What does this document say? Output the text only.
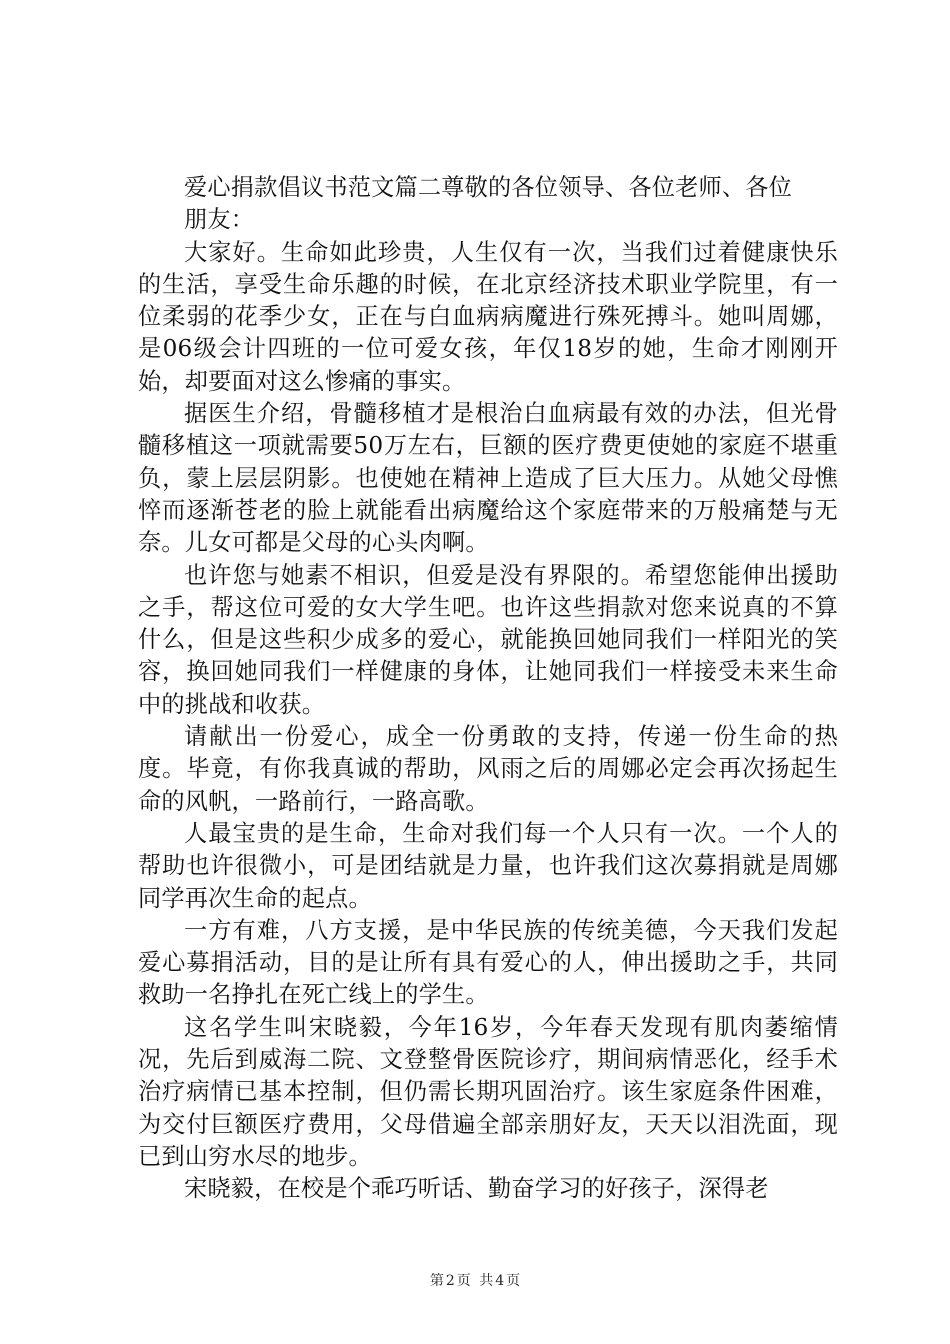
爱心捐款倡议书范文篇二尊敬的各位领导、各位老师、各位

朋友：

大家好。生命如此珍贵，人生仅有一次，当我们过着健康快乐的生活，享受生命乐趣的时候，在北京经济技术职业学院里，有一位柔弱的花季少女，正在与白血病病魔进行殊死搏斗。她叫周娜，是06级会计四班的一位可爱女孩，年仅18岁的她，生命才刚刚开始，却要面对这么惨痛的事实。

据医生介绍，骨髓移植才是根治白血病最有效的办法，但光骨髓移植这一项就需要50万左右，巨额的医疗费更使她的家庭不堪重负，蒙上层层阴影。也使她在精神上造成了巨大压力。从她父母憔悴而逐渐苍老的脸上就能看出病魔给这个家庭带来的万般痛楚与无奈。儿女可都是父母的心头肉啊。

也许您与她素不相识，但爱是没有界限的。希望您能伸出援助之手，帮这位可爱的女大学生吧。也许这些捐款对您来说真的不算什么，但是这些积少成多的爱心，就能换回她同我们一样阳光的笑容，换回她同我们一样健康的身体，让她同我们一样接受未来生命中的挑战和收获。

请献出一份爱心，成全一份勇敢的支持，传递一份生命的热度。毕竟，有你我真诚的帮助，风雨之后的周娜必定会再次扬起生命的风帆，一路前行，一路高歌。

人最宝贵的是生命，生命对我们每一个人只有一次。一个人的帮助也许很微小，可是团结就是力量，也许我们这次募捐就是周娜同学再次生命的起点。

一方有难，八方支援，是中华民族的传统美德，今天我们发起爱心募捐活动，目的是让所有具有爱心的人，伸出援助之手，共同救助一名挣扎在死亡线上的学生。

这名学生叫宋晓毅，今年16岁，今年春天发现有肌肉萎缩情况，先后到威海二院、文登整骨医院诊疗，期间病情恶化，经手术治疗病情已基本控制，但仍需长期巩固治疗。该生家庭条件困难，为交付巨额医疗费用，父母借遍全部亲朋好友，天天以泪洗面，现已到山穷水尽的地步。

宋晓毅，在校是个乖巧听话、勤奋学习的好孩子，深得老

第 2 页 共 4 页
